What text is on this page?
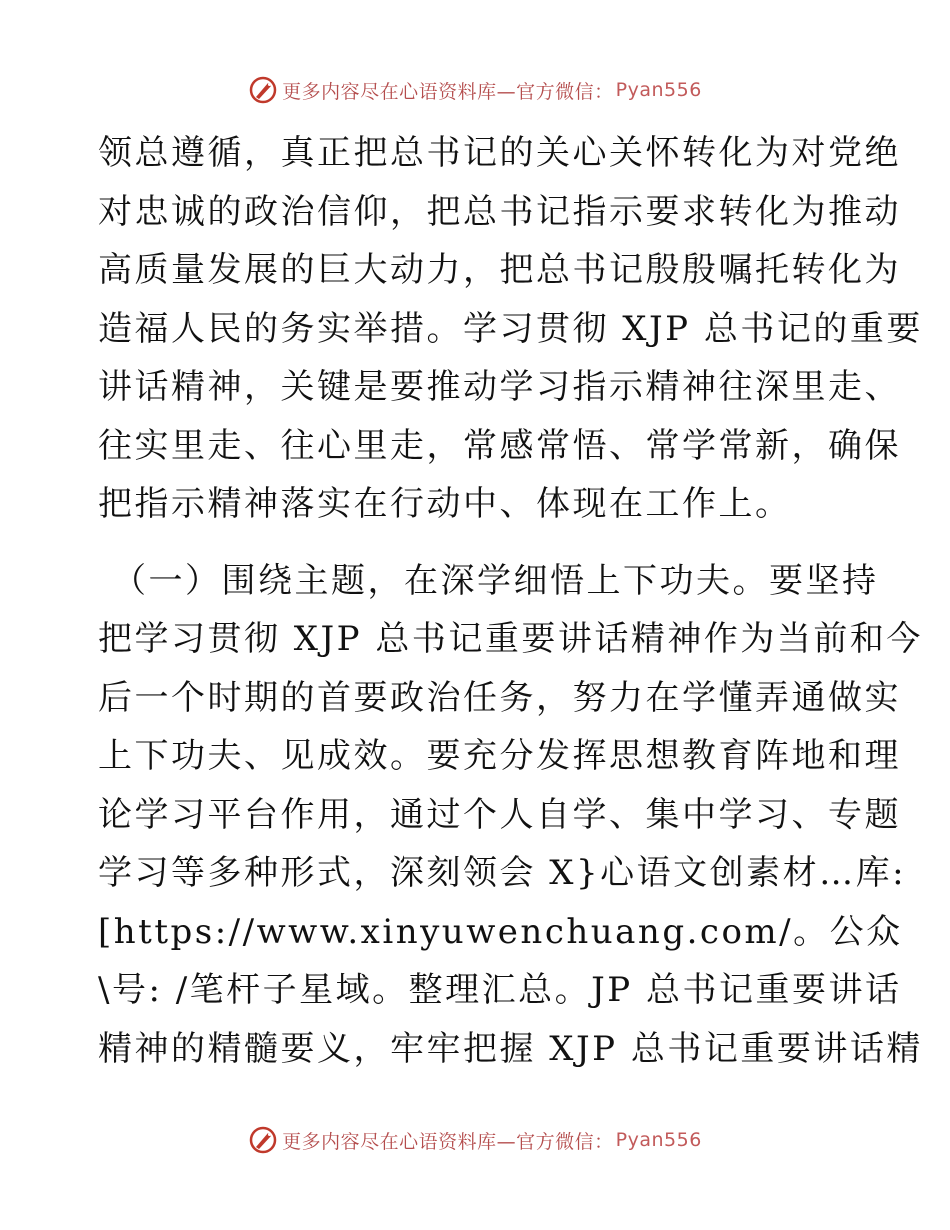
更多内容尽在心语资料库—官方微信： Pyan556
领总遵循，真正把总书记的关心关怀转化为对党绝
对忠诚的政治信仰，把总书记指示要求转化为推动
高质量发展的巨大动力，把总书记殷殷嘱托转化为
造福人民的务实举措。学习贯彻 XJP 总书记的重要
讲话精神，关键是要推动学习指示精神往深里走、
往实里走、往心里走，常感常悟、常学常新，确保
把指示精神落实在行动中、体现在工作上。
（一）围绕主题，在深学细悟上下功夫。要坚持
把学习贯彻 XJP 总书记重要讲话精神作为当前和今
后一个时期的首要政治任务，努力在学懂弄通做实
上下功夫、见成效。要充分发挥思想教育阵地和理
论学习平台作用，通过个人自学、集中学习、专题
学习等多种形式，深刻领会 X}心语文创素材…库:
[https://www.xinyuwenchuang.com/。公众
\号: /笔杆子星域。整理汇总。JP 总书记重要讲话
精神的精髓要义，牢牢把握 XJP 总书记重要讲话精
更多内容尽在心语资料库—官方微信： Pyan556
